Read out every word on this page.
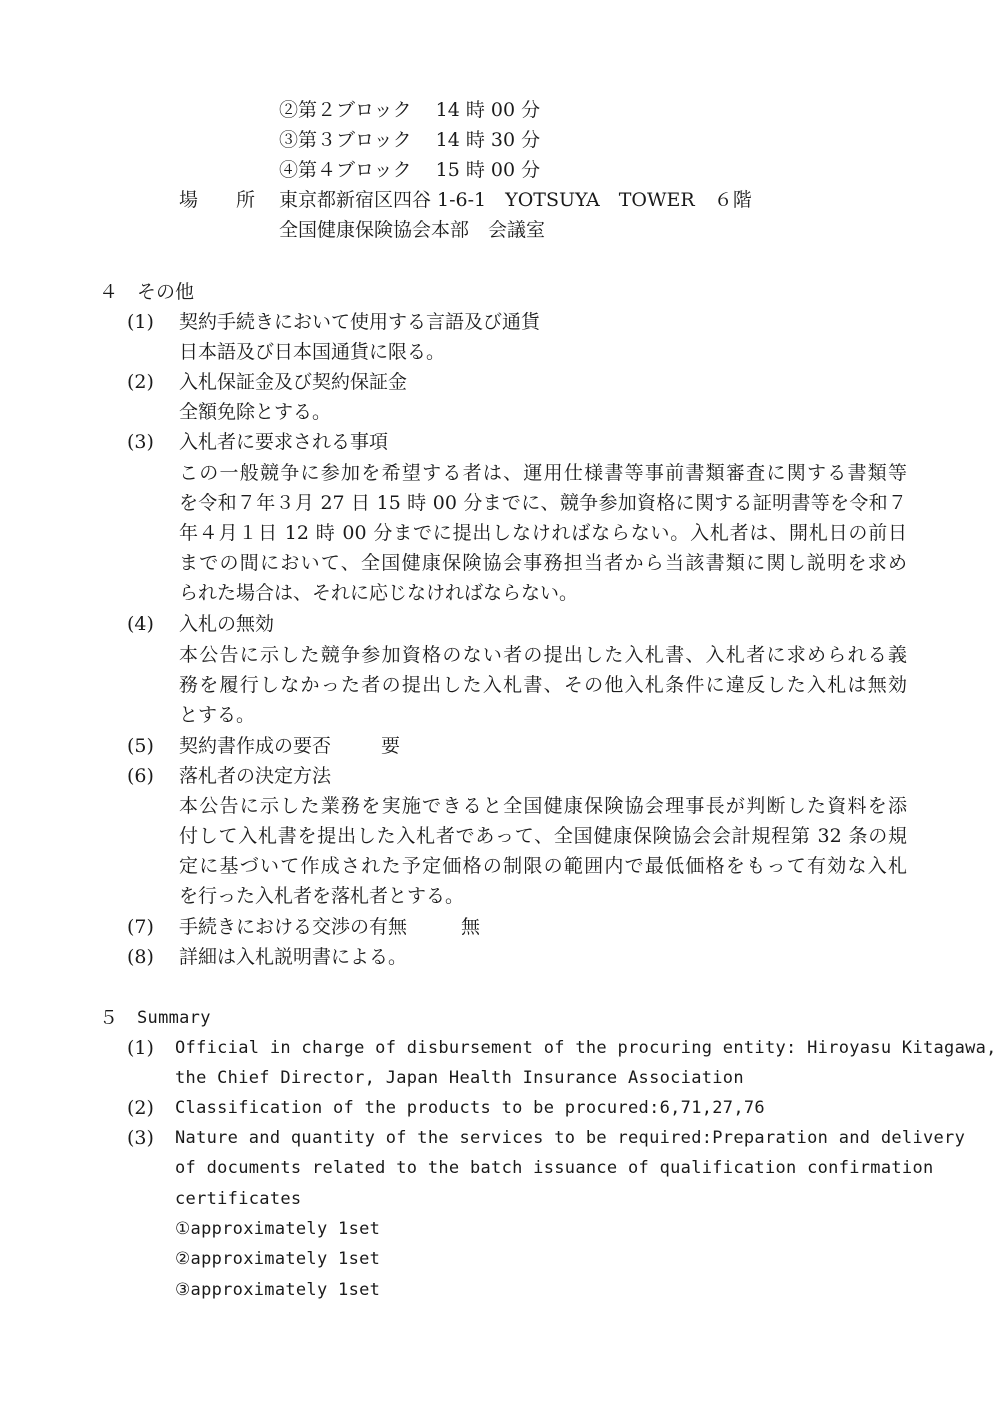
②第２ブロック 14 時 00 分
③第３ブロック 14 時 30 分
④第４ブロック 15 時 00 分
場　　所 東京都新宿区四谷 1-6-1　YOTSUYA　TOWER　６階
全国健康保険協会本部　会議室
４ その他
(1) 契約手続きにおいて使用する言語及び通貨
日本語及び日本国通貨に限る。
(2) 入札保証金及び契約保証金
全額免除とする。
(3) 入札者に要求される事項
この一般競争に参加を希望する者は、運用仕様書等事前書類審査に関する書類等
を令和７年３月 27 日 15 時 00 分までに、競争参加資格に関する証明書等を令和７
年４月１日 12 時 00 分までに提出しなければならない。入札者は、開札日の前日
までの間において、全国健康保険協会事務担当者から当該書類に関し説明を求め
られた場合は、それに応じなければならない。
(4) 入札の無効
本公告に示した競争参加資格のない者の提出した入札書、入札者に求められる義
務を履行しなかった者の提出した入札書、その他入札条件に違反した入札は無効
とする。
(5) 契約書作成の要否	要
(6) 落札者の決定方法
本公告に示した業務を実施できると全国健康保険協会理事長が判断した資料を添
付して入札書を提出した入札者であって、全国健康保険協会会計規程第 32 条の規
定に基づいて作成された予定価格の制限の範囲内で最低価格をもって有効な入札
を行った入札者を落札者とする。
(7) 手続きにおける交渉の有無	無
(8) 詳細は入札説明書による。
５ Summary
(1) Official in charge of disbursement of the procuring entity: Hiroyasu Kitagawa,
the Chief Director, Japan Health Insurance Association
(2) Classification of the products to be procured:6,71,27,76
(3) Nature and quantity of the services to be required:Preparation and delivery
of documents related to the batch issuance of qualification confirmation
certificates
①approximately 1set
②approximately 1set
③approximately 1set
